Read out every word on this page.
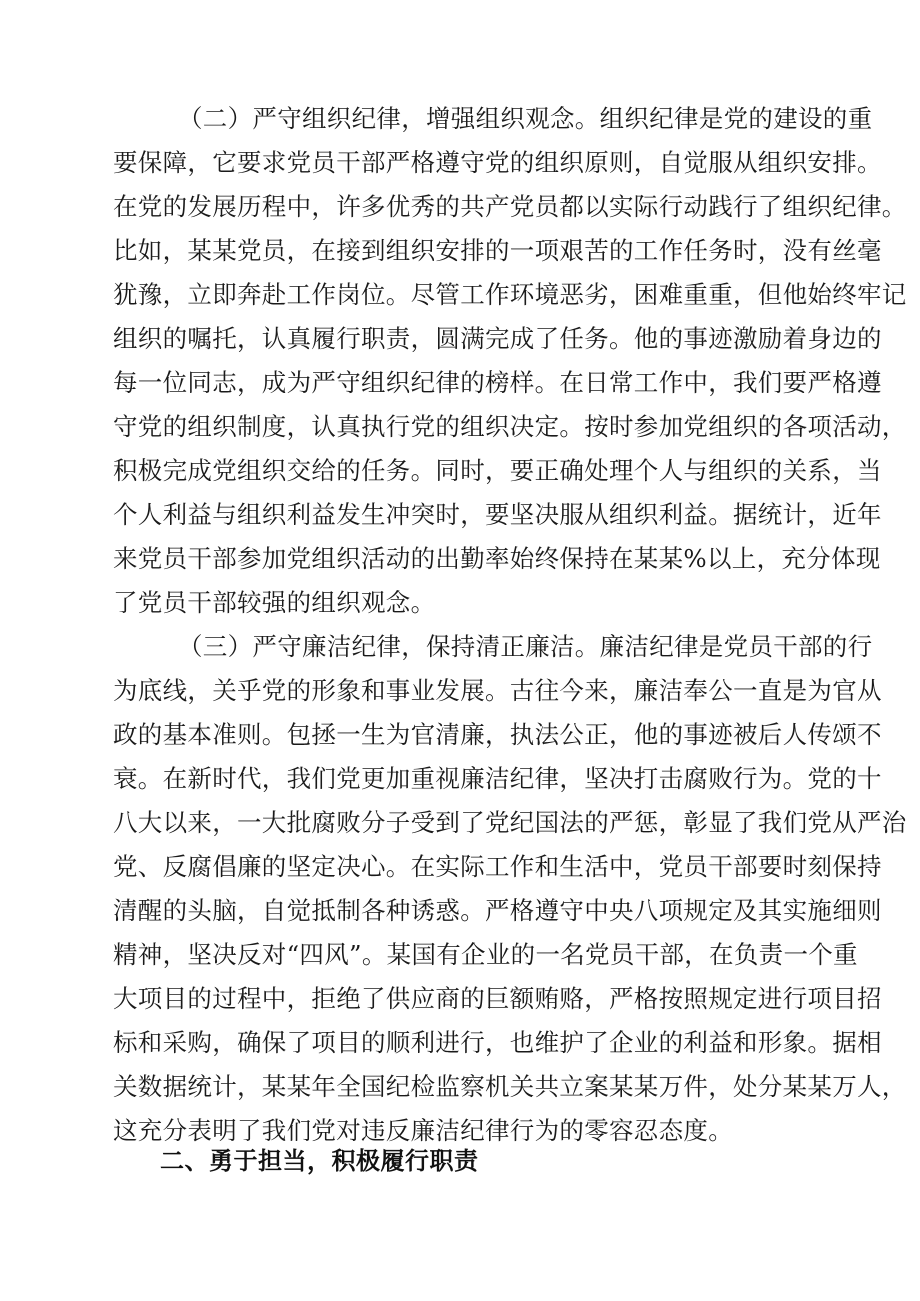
（二）严守组织纪律，增强组织观念。组织纪律是党的建设的重
要保障，它要求党员干部严格遵守党的组织原则，自觉服从组织安排。
在党的发展历程中，许多优秀的共产党员都以实际行动践行了组织纪律。
比如，某某党员，在接到组织安排的一项艰苦的工作任务时，没有丝毫
犹豫，立即奔赴工作岗位。尽管工作环境恶劣，困难重重，但他始终牢记
组织的嘱托，认真履行职责，圆满完成了任务。他的事迹激励着身边的
每一位同志，成为严守组织纪律的榜样。在日常工作中，我们要严格遵
守党的组织制度，认真执行党的组织决定。按时参加党组织的各项活动，
积极完成党组织交给的任务。同时，要正确处理个人与组织的关系，当
个人利益与组织利益发生冲突时，要坚决服从组织利益。据统计，近年
来党员干部参加党组织活动的出勤率始终保持在某某%以上，充分体现
了党员干部较强的组织观念。
（三）严守廉洁纪律，保持清正廉洁。廉洁纪律是党员干部的行
为底线，关乎党的形象和事业发展。古往今来，廉洁奉公一直是为官从
政的基本准则。包拯一生为官清廉，执法公正，他的事迹被后人传颂不
衰。在新时代，我们党更加重视廉洁纪律，坚决打击腐败行为。党的十
八大以来，一大批腐败分子受到了党纪国法的严惩，彰显了我们党从严治
党、反腐倡廉的坚定决心。在实际工作和生活中，党员干部要时刻保持
清醒的头脑，自觉抵制各种诱惑。严格遵守中央八项规定及其实施细则
精神，坚决反对“四风”。某国有企业的一名党员干部，在负责一个重
大项目的过程中，拒绝了供应商的巨额贿赂，严格按照规定进行项目招
标和采购，确保了项目的顺利进行，也维护了企业的利益和形象。据相
关数据统计，某某年全国纪检监察机关共立案某某万件，处分某某万人，
这充分表明了我们党对违反廉洁纪律行为的零容忍态度。
二、勇于担当，积极履行职责
